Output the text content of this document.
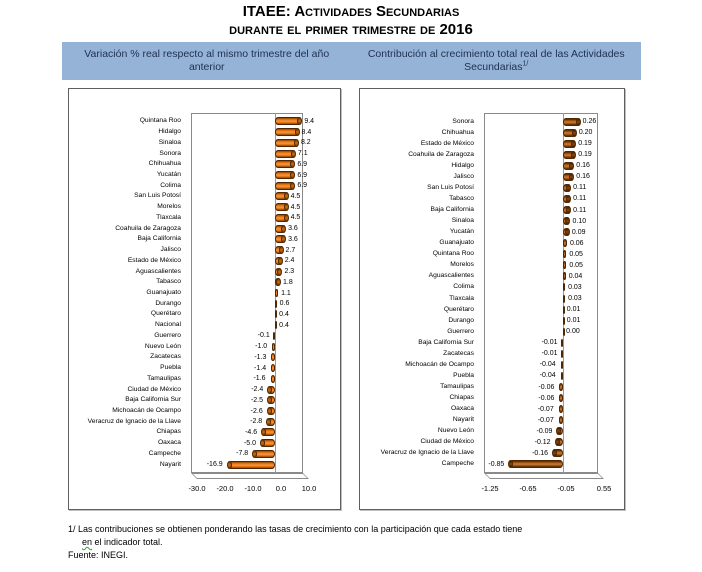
ITAEE: Actividades Secundarias
durante el primer trimestre de 2016
Variación % real respecto al mismo trimestre del año anterior
Contribución al crecimiento total real de las Actividades Secundarias$^{1/}$
Quintana Roo	9.4
Hidalgo	8.4
Sinaloa	8.2
Sonora	7.1
Chihuahua	6.9
Yucatán	6.9
Colima	6.9
San Luis Potosí	4.5
Morelos	4.5
Tlaxcala	4.5
Coahuila de Zaragoza	3.6
Baja California	3.6
Jalisco	2.7
Estado de México	2.4
Aguascalientes	2.3
Tabasco	1.8
Guanajuato	1.1
Durango	0.6
Querétaro	0.4
Nacional	0.4
Guerrero	-0.1
Nuevo León	-1.0
Zacatecas	-1.3
Puebla	-1.4
Tamaulipas	-1.6
Ciudad de México	-2.4
Baja California Sur	-2.5
Michoacán de Ocampo	-2.6
Veracruz de Ignacio de la Llave	-2.8
Chiapas	-4.6
Oaxaca	-5.0
Campeche	-7.8
Nayarit	-16.9
-30.0	-20.0	-10.0	0.0	10.0
Sonora	0.26
Chihuahua	0.20
Estado de México	0.19
Coahuila de Zaragoza	0.19
Hidalgo	0.16
Jalisco	0.16
San Luis Potosí	0.11
Tabasco	0.11
Baja California	0.11
Sinaloa	0.10
Yucatán	0.09
Guanajuato	0.06
Quintana Roo	0.05
Morelos	0.05
Aguascalientes	0.04
Colima	0.03
Tlaxcala	0.03
Querétaro	0.01
Durango	0.01
Guerrero	0.00
Baja California Sur	-0.01
Zacatecas	-0.01
Michoacán de Ocampo	-0.04
Puebla	-0.04
Tamaulipas	-0.06
Chiapas	-0.06
Oaxaca	-0.07
Nayarit	-0.07
Nuevo León	-0.09
Ciudad de México	-0.12
Veracruz de Ignacio de la Llave	-0.16
Campeche -0.85
-1.25	-0.65	-0.05	0.55
1/ Las contribuciones se obtienen ponderando las tasas de crecimiento con la participación que cada estado tiene
en el indicador total.
Fuente: INEGI.
